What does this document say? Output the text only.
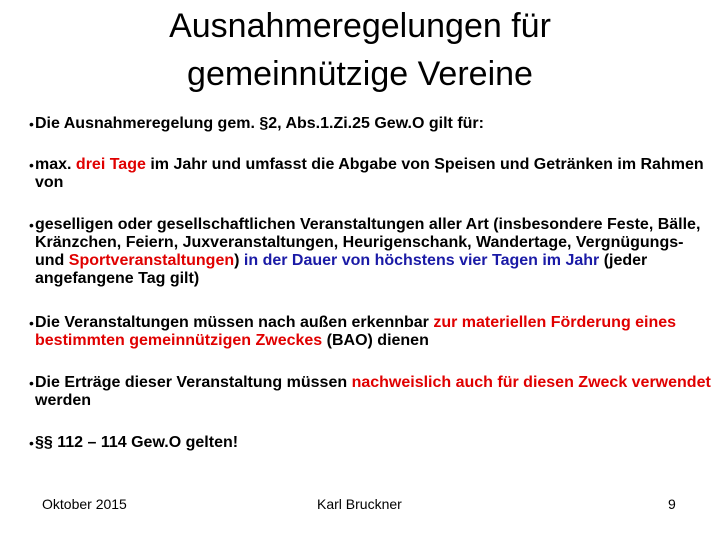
Ausnahmeregelungen für
gemeinnützige Vereine
• Die Ausnahmeregelung gem. §2, Abs.1.Zi.25 Gew.O gilt für:
• max. drei Tage im Jahr und umfasst die Abgabe von Speisen und Getränken im Rahmen von
• geselligen oder gesellschaftlichen Veranstaltungen aller Art (insbesondere Feste, Bälle, Kränzchen, Feiern, Juxveranstaltungen, Heurigenschank, Wandertage, Vergnügungs- und Sportveranstaltungen) in der Dauer von höchstens vier Tagen im Jahr (jeder angefangene Tag gilt)
• Die Veranstaltungen müssen nach außen erkennbar zur materiellen Förderung eines bestimmten gemeinnützigen Zweckes (BAO) dienen
• Die Erträge dieser Veranstaltung müssen nachweislich auch für diesen Zweck verwendet werden
• §§ 112 – 114 Gew.O gelten!
Oktober 2015	Karl Bruckner	9
